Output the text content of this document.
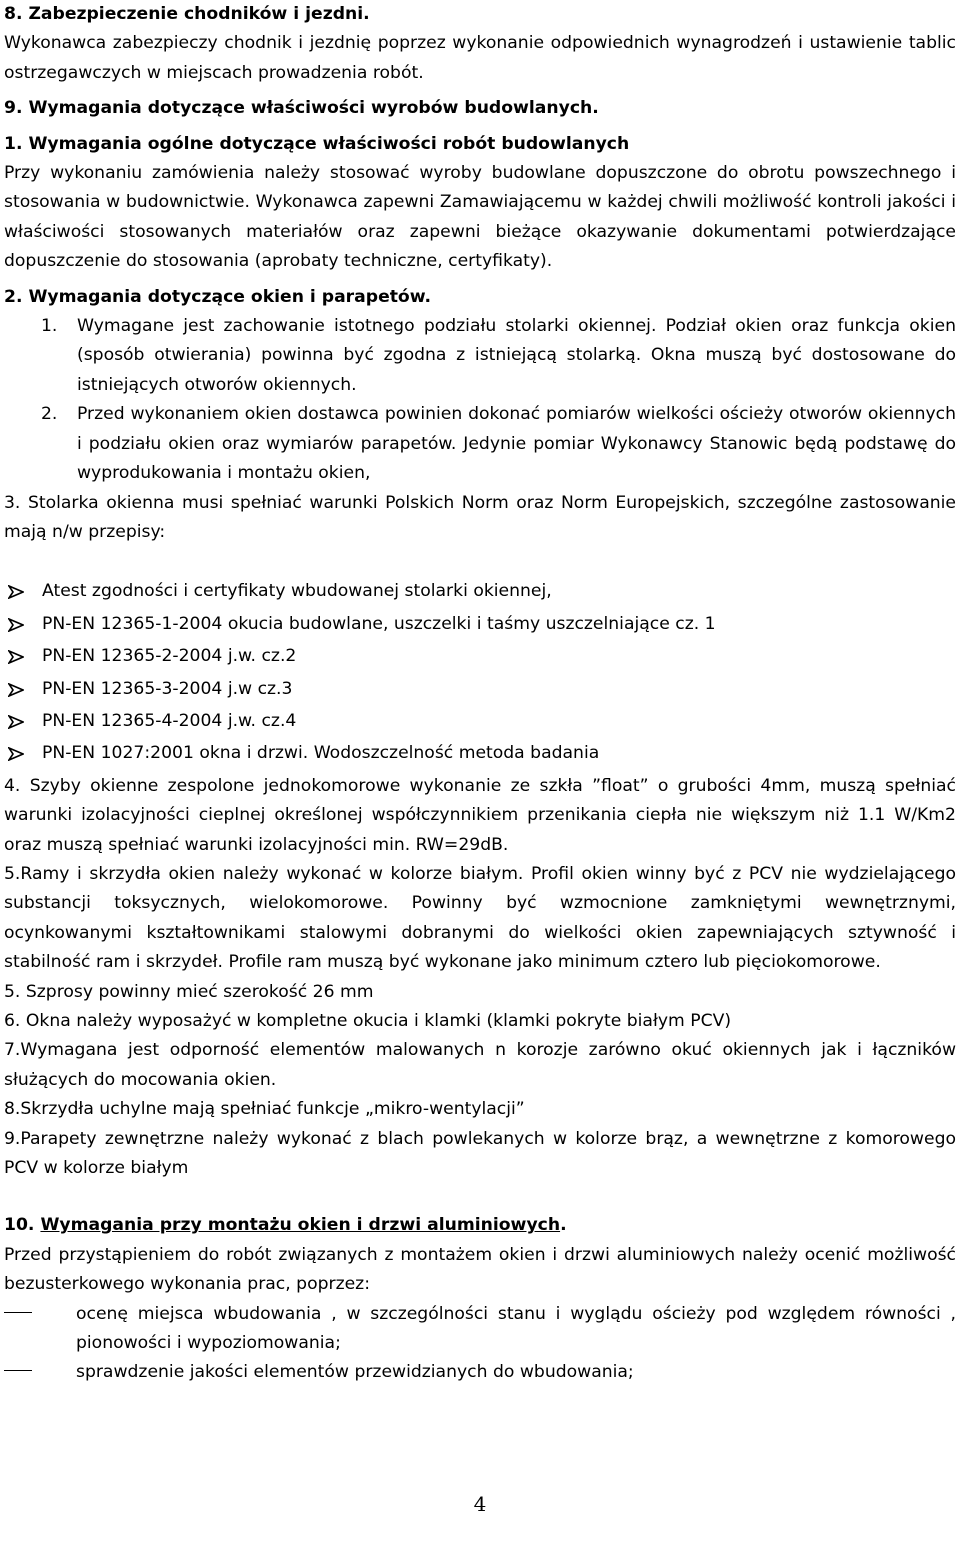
8. Zabezpieczenie chodników i jezdni.

Wykonawca zabezpieczy chodnik i jezdnię poprzez wykonanie odpowiednich wynagrodzeń i ustawienie tablic ostrzegawczych w miejscach prowadzenia robót.

9. Wymagania dotyczące właściwości wyrobów budowlanych.

1. Wymagania ogólne dotyczące właściwości robót budowlanych

Przy wykonaniu zamówienia należy stosować wyroby budowlane dopuszczone do obrotu powszechnego i stosowania w budownictwie. Wykonawca zapewni Zamawiającemu w każdej chwili możliwość kontroli jakości i właściwości stosowanych materiałów oraz zapewni bieżące okazywanie dokumentami potwierdzające dopuszczenie do stosowania (aprobaty techniczne, certyfikaty).

2. Wymagania dotyczące okien i parapetów.

1.	Wymagane jest zachowanie istotnego podziału stolarki okiennej. Podział okien oraz funkcja okien (sposób otwierania) powinna być zgodna z istniejącą stolarką. Okna muszą być dostosowane do istniejących otworów okiennych.
2.	Przed wykonaniem okien dostawca powinien dokonać pomiarów wielkości ościeży otworów okiennych i podziału okien oraz wymiarów parapetów. Jedynie pomiar Wykonawcy Stanowic będą podstawę do wyprodukowania i montażu okien,

3. Stolarka okienna musi spełniać warunki Polskich Norm oraz Norm Europejskich, szczególne zastosowanie mają n/w przepisy:

Atest zgodności i certyfikaty wbudowanej stolarki okiennej,
PN-EN 12365-1-2004 okucia budowlane, uszczelki i taśmy uszczelniające cz. 1
PN-EN 12365-2-2004 j.w. cz.2
PN-EN 12365-3-2004 j.w cz.3
PN-EN 12365-4-2004 j.w. cz.4
PN-EN 1027:2001 okna i drzwi. Wodoszczelność metoda badania

4. Szyby okienne zespolone jednokomorowe wykonanie ze szkła ”float” o grubości 4mm, muszą spełniać warunki izolacyjności cieplnej określonej współczynnikiem przenikania ciepła nie większym niż 1.1 W/Km2 oraz muszą spełniać warunki izolacyjności min. RW=29dB.

5.Ramy i skrzydła okien należy wykonać w kolorze białym. Profil okien winny być z PCV nie wydzielającego substancji toksycznych, wielokomorowe. Powinny być wzmocnione zamkniętymi wewnętrznymi, ocynkowanymi kształtownikami stalowymi dobranymi do wielkości okien zapewniających sztywność i stabilność ram i skrzydeł. Profile ram muszą być wykonane jako minimum cztero lub pięciokomorowe.

5. Szprosy powinny mieć szerokość 26 mm

6. Okna należy wyposażyć w kompletne okucia i klamki (klamki pokryte białym PCV)

7.Wymagana jest odporność elementów malowanych n korozje zarówno okuć okiennych jak i łączników służących do mocowania okien.

8.Skrzydła uchylne mają spełniać funkcje „mikro-wentylacji”

9.Parapety zewnętrzne należy wykonać z blach powlekanych w kolorze brąz, a wewnętrzne z komorowego PCV w kolorze białym

10. Wymagania przy montażu okien i drzwi aluminiowych.

Przed przystąpieniem do robót związanych z montażem okien i drzwi aluminiowych należy ocenić możliwość bezusterkowego wykonania prac, poprzez:

ocenę miejsca wbudowania , w szczególności stanu i wyglądu ościeży pod względem równości , pionowości i wypoziomowania;
sprawdzenie jakości elementów przewidzianych do wbudowania;
4
